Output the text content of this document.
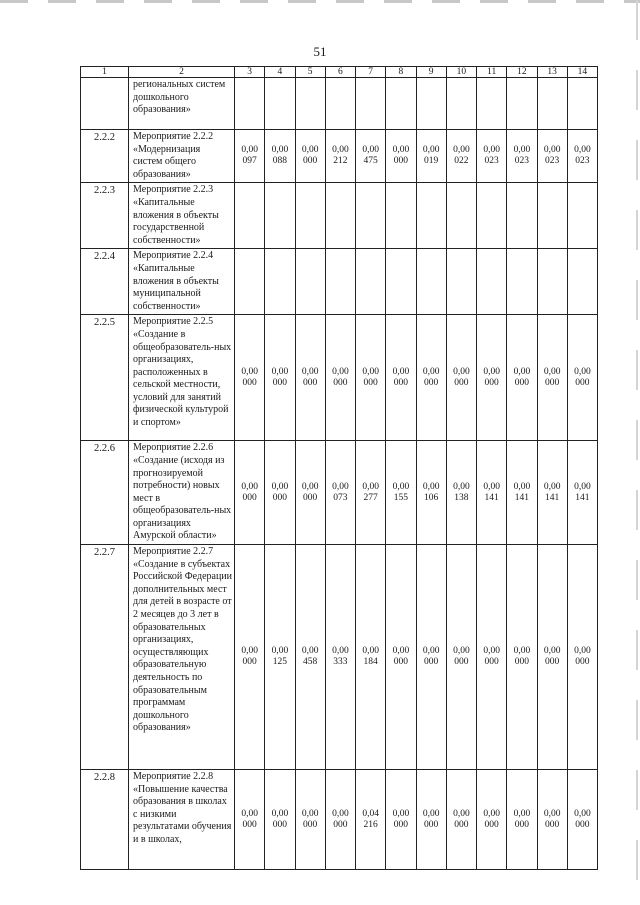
51
1	2	3	4	5	6	7	8	9	10	11	12	13	14
	региональных систем дошкольного образования»												
2.2.2	Мероприятие 2.2.2 «Модернизация систем общего образования»	0,00 097	0,00 088	0,00 000	0,00 212	0,00 475	0,00 000	0,00 019	0,00 022	0,00 023	0,00 023	0,00 023	0,00 023
2.2.3	Мероприятие 2.2.3 «Капитальные вложения в объекты государственной собственности»												
2.2.4	Мероприятие 2.2.4 «Капитальные вложения в объекты муниципальной собственности»												
2.2.5	Мероприятие 2.2.5 «Создание в общеобразователь-ных организациях, расположенных в сельской местности, условий для занятий физической культурой и спортом»	0,00 000	0,00 000	0,00 000	0,00 000	0,00 000	0,00 000	0,00 000	0,00 000	0,00 000	0,00 000	0,00 000	0,00 000
2.2.6	Мероприятие 2.2.6 «Создание (исходя из прогнозируемой потребности) новых мест в общеобразователь-ных организациях Амурской области»	0,00 000	0,00 000	0,00 000	0,00 073	0,00 277	0,00 155	0,00 106	0,00 138	0,00 141	0,00 141	0,00 141	0,00 141
2.2.7	Мероприятие 2.2.7 «Создание в субъектах Российской Федерации дополнительных мест для детей в возрасте от 2 месяцев до 3 лет в образовательных организациях, осуществляющих образовательную деятельность по образовательным программам дошкольного образования»	0,00 000	0,00 125	0,00 458	0,00 333	0,00 184	0,00 000	0,00 000	0,00 000	0,00 000	0,00 000	0,00 000	0,00 000
2.2.8	Мероприятие 2.2.8 «Повышение качества образования в школах с низкими результатами обучения и в школах,	0,00 000	0,00 000	0,00 000	0,00 000	0,04 216	0,00 000	0,00 000	0,00 000	0,00 000	0,00 000	0,00 000	0,00 000
